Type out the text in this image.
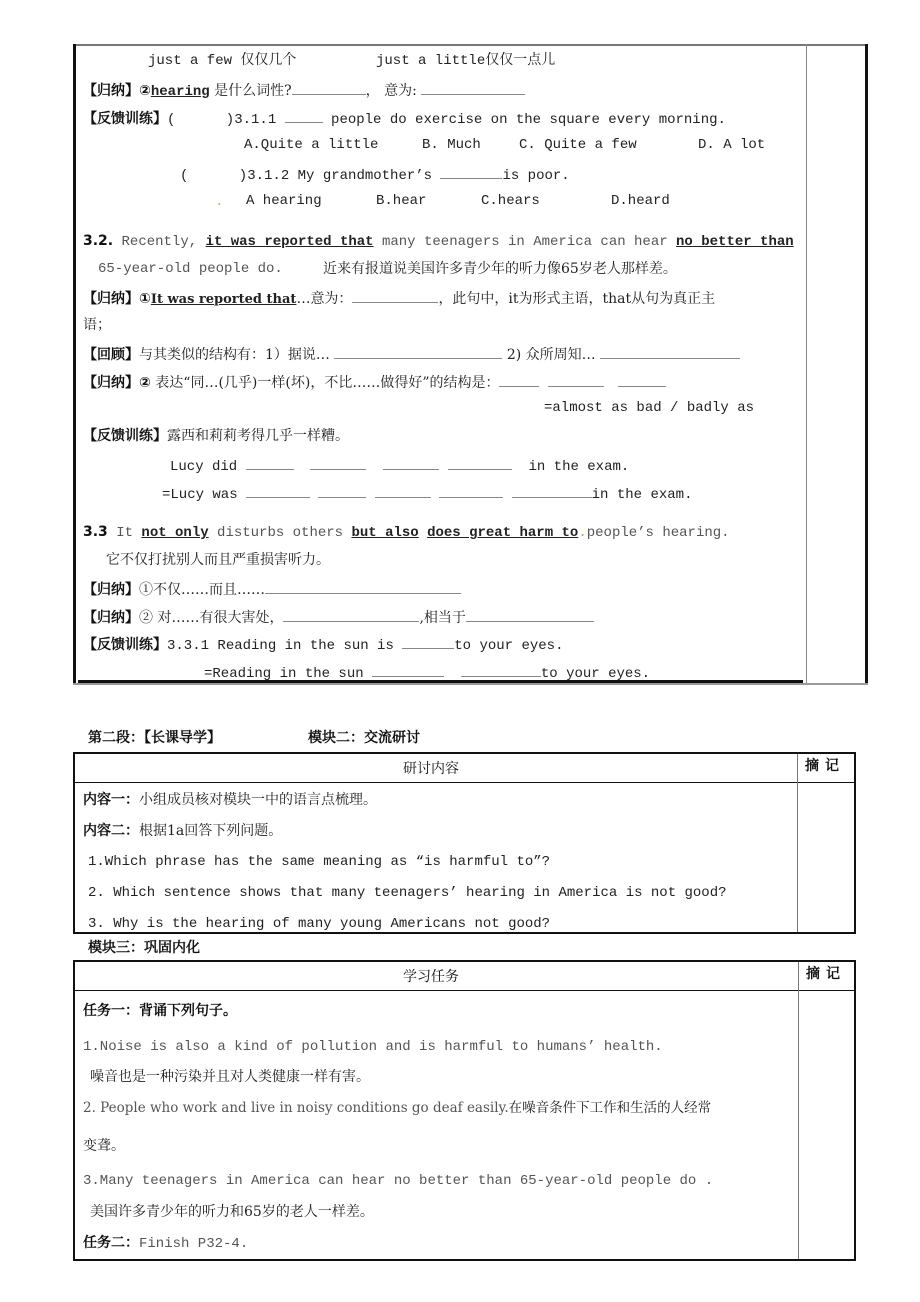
just a few 仅仅几个	just a little仅仅一点儿
【归纳】②hearing 是什么词性?	， 意为:
【反馈训练】(      )3.1.1	people do exercise on the square every morning.
A.Quite a little	B. Much	C. Quite a few	D. A lot
(      )3.1.2 My grandmother’s	is poor.
. A hearing	B.hear	C.hears	D.heard
3.2. Recently, it was reported that many teenagers in America can hear no better than
65-year-old people do.	近来有报道说美国许多青少年的听力像65岁老人那样差。
【归纳】①It was reported that…意为：	，此句中，it为形式主语，that从句为真正主
语；
【回顾】与其类似的结构有：1）据说…	2) 众所周知…
【归纳】② 表达“同…(几乎)一样(坏)，不比……做得好”的结构是：
=almost as bad / badly as
【反馈训练】露西和莉莉考得几乎一样糟。
Lucy did	in the exam.
=Lucy was	in the exam.
3.3 It not only disturbs others but also does great harm to.people’s hearing.
它不仅打扰别人而且严重损害听力。
【归纳】①不仅……而且……
【归纳】② 对……有很大害处，	,相当于
【反馈训练】3.3.1 Reading in the sun is	to your eyes.
=Reading in the sun	to your eyes.
第二段：【长课导学】	模块二：交流研讨
研讨内容	摘记
内容一：小组成员核对模块一中的语言点梳理。
内容二：根据1a回答下列问题。
1.Which phrase has the same meaning as “is harmful to”?
2. Which sentence shows that many teenagers’ hearing in America is not good?
3. Why is the hearing of many young Americans not good?
模块三：巩固内化
学习任务	摘记
任务一：背诵下列句子。
1.Noise is also a kind of pollution and is harmful to humans’ health.
噪音也是一种污染并且对人类健康一样有害。
2. People who work and live in noisy conditions go deaf easily.在噪音条件下工作和生活的人经常
变聋。
3.Many teenagers in America can hear no better than 65-year-old people do .
美国许多青少年的听力和65岁的老人一样差。
任务二：Finish P32-4.
